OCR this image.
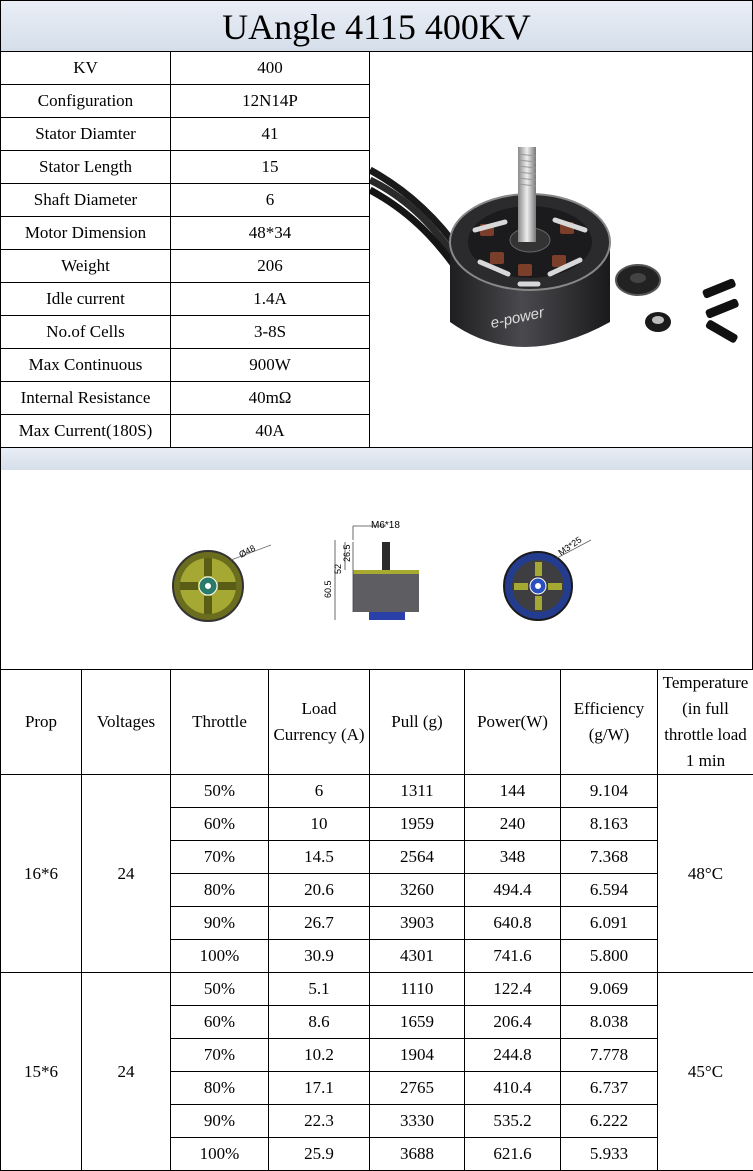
UAngle 4115 400KV
KV	400
Configuration	12N14P
Stator Diamter	41
Stator Length	15
Shaft Diameter	6
Motor Dimension	48*34
Weight	206
Idle current	1.4A
No.of Cells	3-8S
Max Continuous	900W
Internal Resistance	40mΩ
Max Current(180S)	40A
e-power
Ø48
M6*18
26.5
52
60.5
M3*25
Prop	Voltages	Throttle	Load Currency (A)	Pull (g)	Power(W)	Efficiency (g/W)	Temperature (in full throttle load 1 min
16*6	24	50%	6	1311	144	9.104	48°C
		60%	10	1959	240	8.163	
		70%	14.5	2564	348	7.368	
		80%	20.6	3260	494.4	6.594	
		90%	26.7	3903	640.8	6.091	
		100%	30.9	4301	741.6	5.800	
15*6	24	50%	5.1	1110	122.4	9.069	45°C
		60%	8.6	1659	206.4	8.038	
		70%	10.2	1904	244.8	7.778	
		80%	17.1	2765	410.4	6.737	
		90%	22.3	3330	535.2	6.222	
		100%	25.9	3688	621.6	5.933	
